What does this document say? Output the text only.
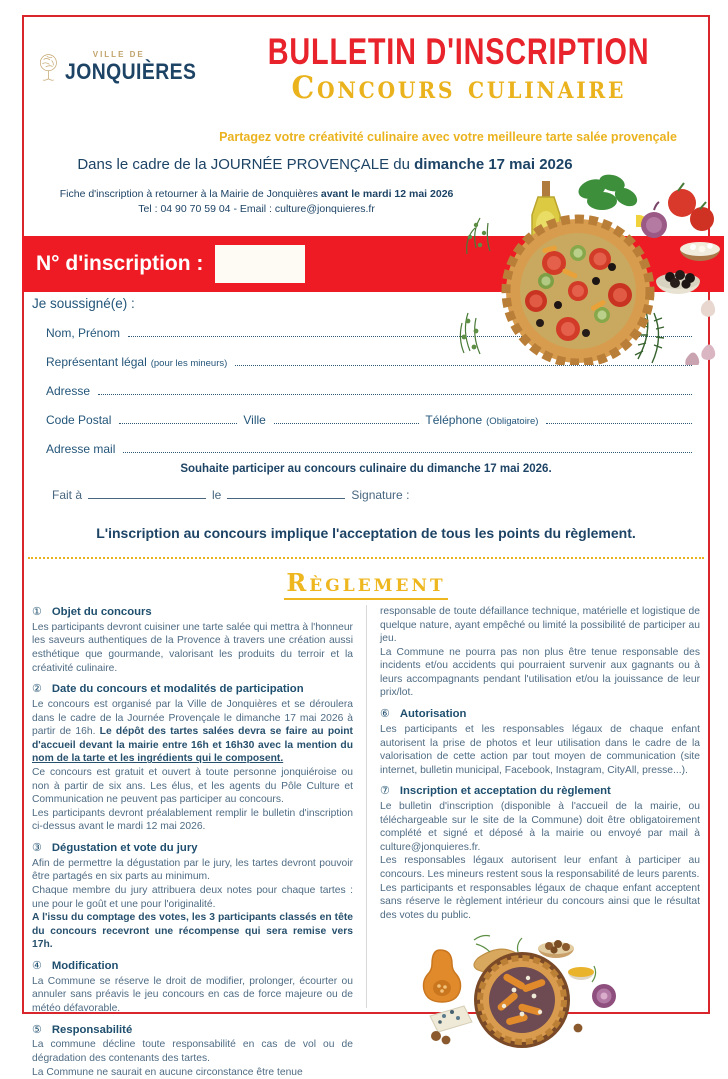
VILLE DE
JONQUIÈRES	BULLETIN D'INSCRIPTION
Concours culinaire
Partagez votre créativité culinaire avec votre meilleure tarte salée provençale
Dans le cadre de la JOURNÉE PROVENÇALE du dimanche 17 mai 2026
Fiche d'inscription à retourner à la Mairie de Jonquières avant le mardi 12 mai 2026
Tel : 04 90 70 59 04 - Email : culture@jonquieres.fr
N° d'inscription :

Je soussigné(e) :

Nom, Prénom
Représentant légal (pour les mineurs)
Adresse
Code Postal	Ville	Téléphone (Obligatoire)
Adresse mail
Souhaite participer au concours culinaire du dimanche 17 mai 2026.
Fait à	le	Signature :
L'inscription au concours implique l'acceptation de tous les points du règlement.
Règlement

① Objet du concours

Les participants devront cuisiner une tarte salée qui mettra à l'honneur les saveurs authentiques de la Provence à travers une création aussi esthétique que gourmande, valorisant les produits du terroir et la créativité culinaire.

② Date du concours et modalités de participation

Le concours est organisé par la Ville de Jonquières et se déroulera dans le cadre de la Journée Provençale le dimanche 17 mai 2026 à partir de 16h. Le dépôt des tartes salées devra se faire au point d'accueil devant la mairie entre 16h et 16h30 avec la mention du nom de la tarte et les ingrédients qui le composent.

Ce concours est gratuit et ouvert à toute personne jonquiéroise ou non à partir de six ans. Les élus, et les agents du Pôle Culture et Communication ne peuvent pas participer au concours.

Les participants devront préalablement remplir le bulletin d'inscription ci-dessus avant le mardi 12 mai 2026.

③ Dégustation et vote du jury

Afin de permettre la dégustation par le jury, les tartes devront pouvoir être partagés en six parts au minimum.

Chaque membre du jury attribuera deux notes pour chaque tartes : une pour le goût et une pour l'originalité.

A l'issu du comptage des votes, les 3 participants classés en tête du concours recevront une récompense qui sera remise vers 17h.

④ Modification

La Commune se réserve le droit de modifier, prolonger, écourter ou annuler sans préavis le jeu concours en cas de force majeure ou de météo défavorable.

⑤ Responsabilité

La commune décline toute responsabilité en cas de vol ou de dégradation des contenants des tartes.

La Commune ne saurait en aucune circonstance être tenue

responsable de toute défaillance technique, matérielle et logistique de quelque nature, ayant empêché ou limité la possibilité de participer au jeu.

La Commune ne pourra pas non plus être tenue responsable des incidents et/ou accidents qui pourraient survenir aux gagnants ou à leurs accompagnants pendant l'utilisation et/ou la jouissance de leur prix/lot.

⑥ Autorisation

Les participants et les responsables légaux de chaque enfant autorisent la prise de photos et leur utilisation dans le cadre de la valorisation de cette action par tout moyen de communication (site internet, bulletin municipal, Facebook, Instagram, CityAll, presse...).

⑦ Inscription et acceptation du règlement

Le bulletin d'inscription (disponible à l'accueil de la mairie, ou téléchargeable sur le site de la Commune) doit être obligatoirement complété et signé et déposé à la mairie ou envoyé par mail à culture@jonquieres.fr.

Les responsables légaux autorisent leur enfant à participer au concours. Les mineurs restent sous la responsabilité de leurs parents.

Les participants et responsables légaux de chaque enfant acceptent sans réserve le règlement intérieur du concours ainsi que le résultat des votes du public.
